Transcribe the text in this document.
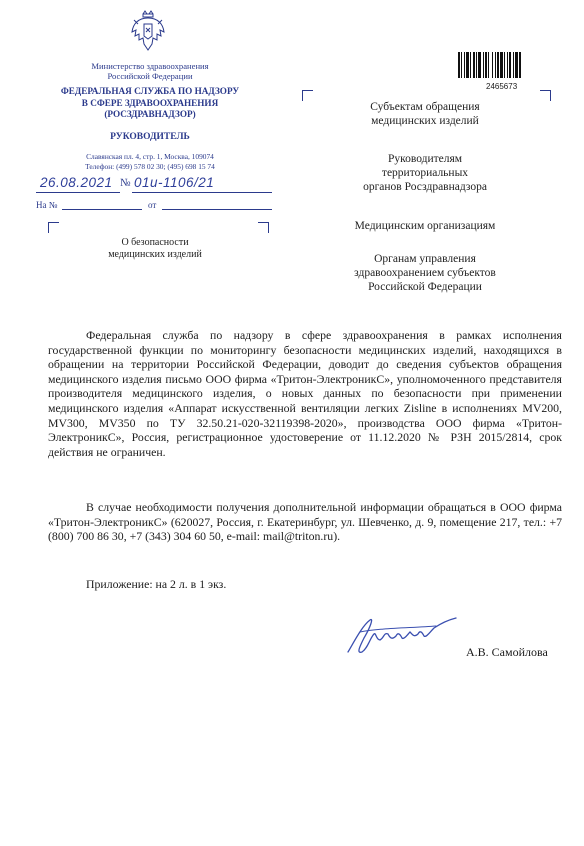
Министерство здравоохранения
Российской Федерации
ФЕДЕРАЛЬНАЯ СЛУЖБА ПО НАДЗОРУ
В СФЕРЕ ЗДРАВООХРАНЕНИЯ
(РОСЗДРАВНАДЗОР)
РУКОВОДИТЕЛЬ
Славянская пл. 4, стр. 1, Москва, 109074
Телефон: (499) 578 02 30; (495) 698 15 74
26.08.2021 № 01и-1106/21
На №	от
О безопасности
медицинских изделий
2465673
Субъектам обращения
медицинских изделий
Руководителям
территориальных
органов Росздравнадзора
Медицинским организациям
Органам управления
здравоохранением субъектов
Российской Федерации
Федеральная служба по надзору в сфере здравоохранения в рамках исполнения государственной функции по мониторингу безопасности медицинских изделий, находящихся в обращении на территории Российской Федерации, доводит до сведения субъектов обращения медицинского изделия письмо ООО фирма «Тритон-ЭлектроникС», уполномоченного представителя производителя медицинского изделия, о новых данных по безопасности при применении медицинского изделия «Аппарат искусственной вентиляции легких Zisline в исполнениях MV200, MV300, MV350 по ТУ 32.50.21-020-32119398-2020», производства ООО фирма «Тритон-ЭлектроникС», Россия, регистрационное удостоверение от 11.12.2020 № РЗН 2015/2814, срок действия не ограничен.
В случае необходимости получения дополнительной информации обращаться в ООО фирма «Тритон-ЭлектроникС» (620027, Россия, г. Екатеринбург, ул. Шевченко, д. 9, помещение 217, тел.: +7 (800) 700 86 30, +7 (343) 304 60 50, e-mail: mail@triton.ru).
Приложение: на 2 л. в 1 экз.
А.В. Самойлова
